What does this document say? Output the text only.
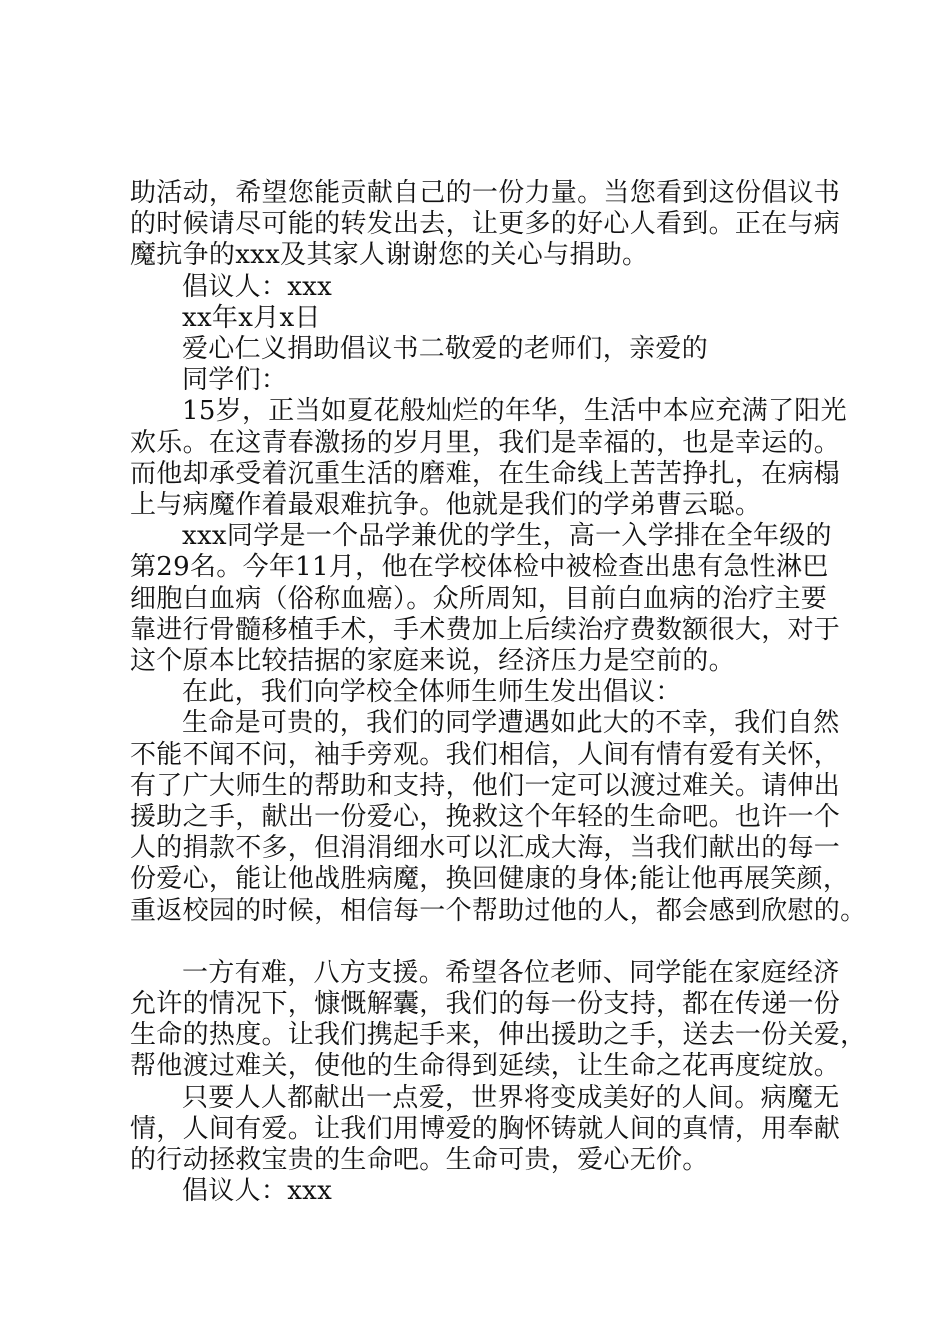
助活动，希望您能贡献自己的一份力量。当您看到这份倡议书

的时候请尽可能的转发出去，让更多的好心人看到。正在与病

魔抗争的xxx及其家人谢谢您的关心与捐助。

倡议人：xxx

xx年x月x日

爱心仁义捐助倡议书二敬爱的老师们，亲爱的

同学们：

15岁，正当如夏花般灿烂的年华，生活中本应充满了阳光

欢乐。在这青春激扬的岁月里，我们是幸福的，也是幸运的。

而他却承受着沉重生活的磨难，在生命线上苦苦挣扎，在病榻

上与病魔作着最艰难抗争。他就是我们的学弟曹云聪。

xxx同学是一个品学兼优的学生，高一入学排在全年级的

第29名。今年11月，他在学校体检中被检查出患有急性淋巴

细胞白血病（俗称血癌）。众所周知，目前白血病的治疗主要

靠进行骨髓移植手术，手术费加上后续治疗费数额很大，对于

这个原本比较拮据的家庭来说，经济压力是空前的。

在此，我们向学校全体师生师生发出倡议：

生命是可贵的，我们的同学遭遇如此大的不幸，我们自然

不能不闻不问，袖手旁观。我们相信，人间有情有爱有关怀，

有了广大师生的帮助和支持，他们一定可以渡过难关。请伸出

援助之手，献出一份爱心，挽救这个年轻的生命吧。也许一个

人的捐款不多，但涓涓细水可以汇成大海，当我们献出的每一

份爱心，能让他战胜病魔，换回健康的身体;能让他再展笑颜，

重返校园的时候，相信每一个帮助过他的人，都会感到欣慰的。

一方有难，八方支援。希望各位老师、同学能在家庭经济

允许的情况下，慷慨解囊，我们的每一份支持，都在传递一份

生命的热度。让我们携起手来，伸出援助之手，送去一份关爱，

帮他渡过难关，使他的生命得到延续，让生命之花再度绽放。

只要人人都献出一点爱，世界将变成美好的人间。病魔无

情，人间有爱。让我们用博爱的胸怀铸就人间的真情，用奉献

的行动拯救宝贵的生命吧。生命可贵，爱心无价。

倡议人：xxx
